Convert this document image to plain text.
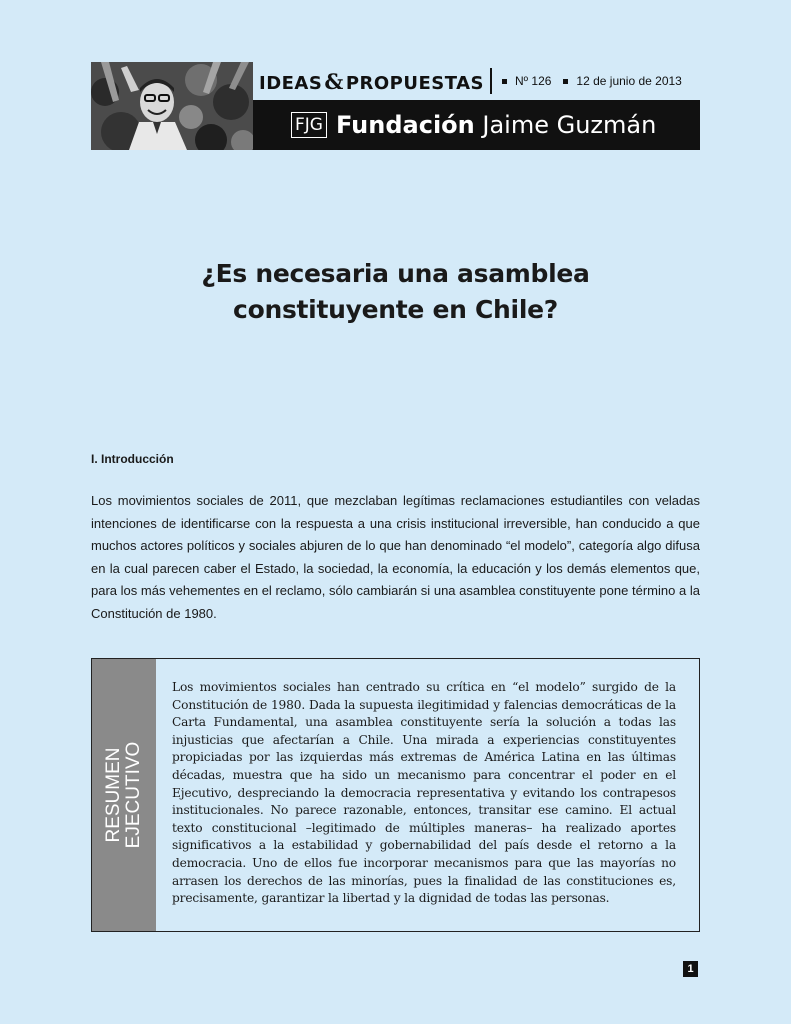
IDEAS& PROPUESTAS	Nº 126 12 de junio de 2013
FJG Fundación Jaime Guzmán
¿Es necesaria una asamblea
constituyente en Chile?
I. Introducción

Los movimientos sociales de 2011, que mezclaban legítimas reclamaciones estudiantiles con veladas intenciones de identificarse con la respuesta a una crisis institucional irreversible, han conducido a que muchos actores políticos y sociales abjuren de lo que han denominado “el modelo”, categoría algo difusa en la cual parecen caber el Estado, la sociedad, la economía, la educación y los demás elementos que, para los más vehementes en el reclamo, sólo cambiarán si una asamblea constituyente pone término a la Constitución de 1980.

RESUMEN EJECUTIVO

Los movimientos sociales han centrado su crítica en “el modelo” surgido de la Constitución de 1980. Dada la supuesta ilegitimidad y falencias democráticas de la Carta Fundamental, una asamblea constituyente sería la solución a todas las injusticias que afectarían a Chile. Una mirada a experiencias constituyentes propiciadas por las izquierdas más extremas de América Latina en las últimas décadas, muestra que ha sido un mecanismo para concentrar el poder en el Ejecutivo, despreciando la democracia representativa y evitando los contrapesos institucionales. No parece razonable, entonces, transitar ese camino. El actual texto constitucional –legitimado de múltiples maneras– ha realizado aportes significativos a la estabilidad y gobernabilidad del país desde el retorno a la democracia. Uno de ellos fue incorporar mecanismos para que las mayorías no arrasen los derechos de las minorías, pues la finalidad de las constituciones es, precisamente, garantizar la libertad y la dignidad de todas las personas.

1
